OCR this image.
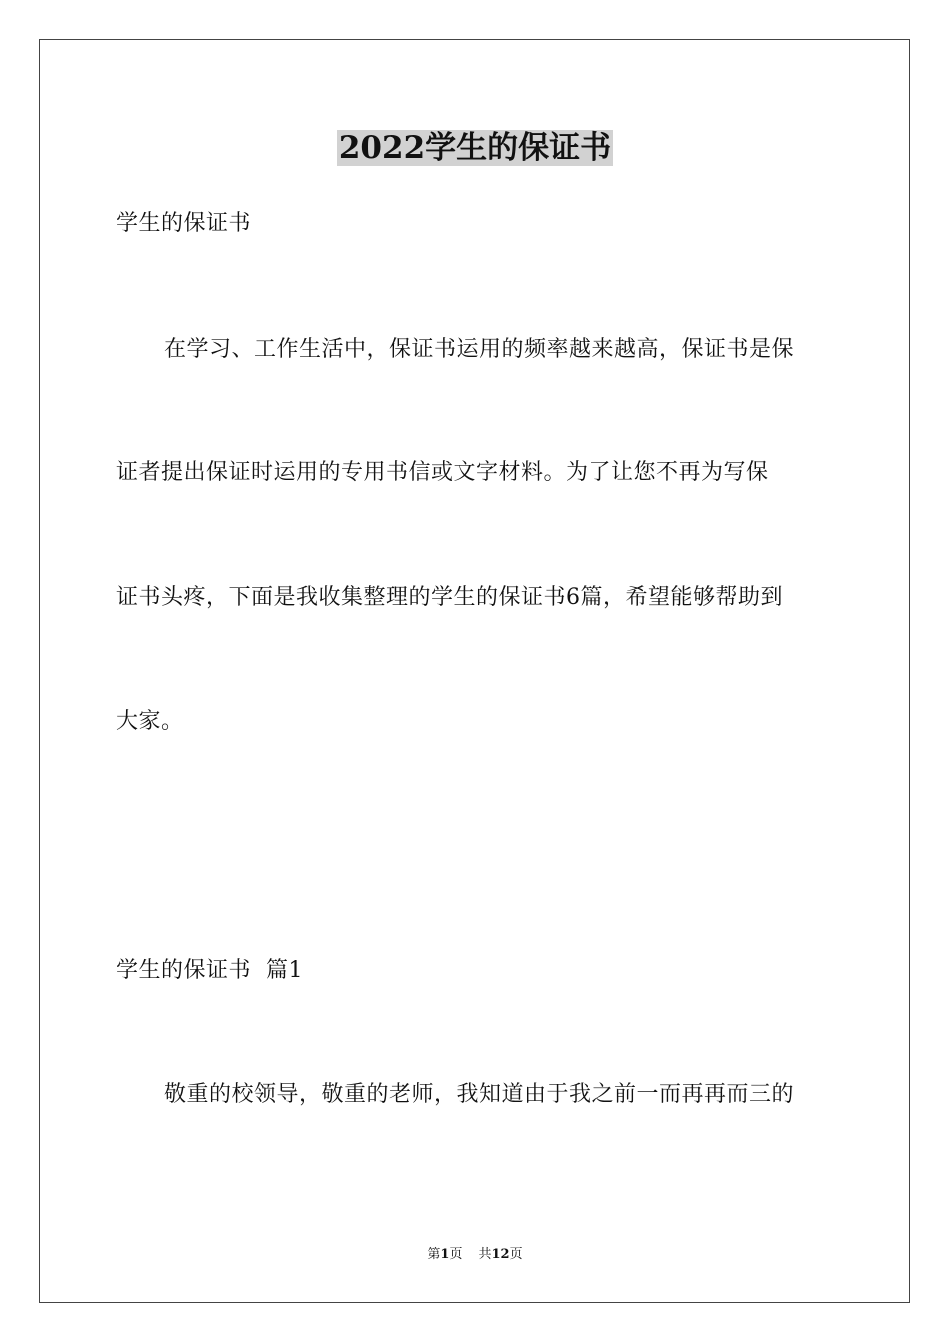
2022学生的保证书
学生的保证书
在学习、工作生活中，保证书运用的频率越来越高，保证书是保
证者提出保证时运用的专用书信或文字材料。为了让您不再为写保
证书头疼，下面是我收集整理的学生的保证书6篇，希望能够帮助到
大家。
学生的保证书  篇1
敬重的校领导，敬重的老师，我知道由于我之前一而再再而三的
第1页 共12页
